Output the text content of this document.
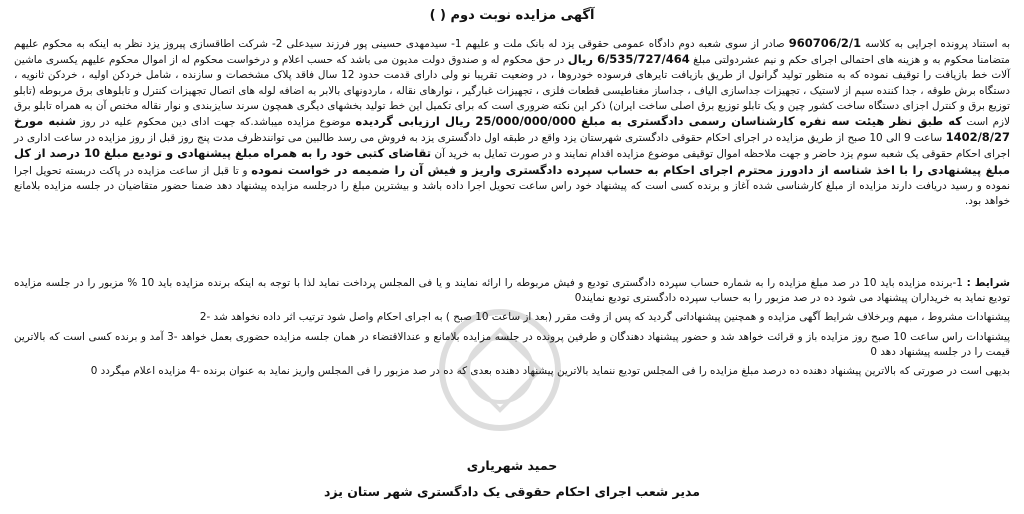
آگهی مزایده نوبت دوم ( )
به استناد پرونده اجرایی به کلاسه 960706/2/1 صادر از سوی شعبه دوم دادگاه عمومی حقوقی یزد له بانک ملت و علیهم 1- سیدمهدی حسینی پور فرزند سیدعلی 2- شرکت اطاقسازی پیروز یزد نظر به اینکه به محکوم علیهم متضامنا محکوم به و هزینه های احتمالی اجرای حکم و نیم عشردولتی مبلغ 6/535/727/464 ریال در حق محکوم له و صندوق دولت مدیون می باشد که حسب اعلام و درخواست محکوم له از اموال محکوم علیهم یکسری ماشین آلات خط بازیافت را توقیف نموده که به منظور تولید گرانول از طریق بازیافت تایرهای فرسوده خودروها ، در وضعیت تقریبا نو ولی دارای قدمت حدود 12 سال فاقد پلاک مشخصات و سازنده ، شامل خردکن اولیه ، خردکن ثانویه ، دستگاه برش طوقه ، جدا کننده سیم از لاستیک ، تجهیزات جداسازی الیاف ، جداساز مغناطیسی قطعات فلزی ، تجهیزات غبارگیر ، نوارهای نقاله ، ماردونهای بالابر به اضافه لوله های اتصال تجهیزات کنترل و تابلوهای برق مربوطه (تابلو توزیع برق و کنترل اجزای دستگاه ساخت کشور چین و یک تابلو توزیع برق اصلی ساخت ایران) ذکر این نکته ضروری است که برای تکمیل این خط تولید بخشهای دیگری همچون سرند سایزبندی و نوار نقاله مختص آن به همراه تابلو برق لازم است که طبق نظر هیئت سه نفره کارشناسان رسمی دادگستری به مبلغ 25/000/000/000 ریال ارزیابی گردیده موضوع مزایده میباشد.که جهت ادای دین محکوم علیه در روز شنبه مورخ 1402/8/27 ساعت 9 الی 10 صبح از طریق مزایده در اجرای احکام حقوقی دادگستری شهرستان یزد واقع در طبقه اول دادگستری یزد به فروش می رسد طالبین می توانندظرف مدت پنج روز قبل از روز مزایده در ساعت اداری در اجرای احکام حقوقی یک شعبه سوم یزد حاضر و جهت ملاحظه اموال توقیفی موضوع مزایده اقدام نمایند و در صورت تمایل به خرید آن تقاضای کتبی خود را به همراه مبلغ پیشنهادی و تودیع مبلغ 10 درصد از کل مبلغ پیشنهادی را با اخذ شناسه از دادورز محترم اجرای احکام به حساب سپرده دادگستری واریز و فیش آن را ضمیمه در خواست نموده و تا قبل از ساعت مزایده در پاکت دربسته تحویل اجرا نموده و رسید دریافت دارند مزایده از مبلغ کارشناسی شده آغاز و برنده کسی است که پیشنهاد خود راس ساعت تحویل اجرا داده باشد و بیشترین مبلغ را درجلسه مزایده پیشنهاد دهد ضمنا حضور متقاضیان در جلسه مزایده بلامانع خواهد بود.

شرایط : 1-برنده مزایده باید 10 در صد مبلغ مزایده را به شماره حساب سپرده دادگستری تودیع و فیش مربوطه را ارائه نمایند و یا فی المجلس پرداخت نماید لذا با توجه به اینکه برنده مزایده باید 10 % مزبور را در جلسه مزایده تودیع نماید به خریداران پیشنهاد می شود ده در صد مزبور را به حساب سپرده دادگستری تودیع نمایند0

پیشنهادات مشروط ، مبهم وبرخلاف شرایط آگهی مزایده و همچنین پیشنهاداتی گردید که پس از وقت مقرر (بعد از ساعت 10 صبح ) به اجرای احکام واصل شود ترتیب اثر داده نخواهد شد -2

پیشنهادات راس ساعت 10 صبح روز مزایده باز و قرائت خواهد شد و حضور پیشنهاد دهندگان و طرفین پرونده در جلسه مزایده بلامانع و عندالاقتضاء در همان جلسه مزایده حضوری بعمل خواهد -3 آمد و برنده کسی است که بالاترین قیمت را در جلسه پیشنهاد دهد 0

بدیهی است در صورتی که بالاترین پیشنهاد دهنده ده درصد مبلغ مزایده را فی المجلس تودیع ننماید بالاترین پیشنهاد دهنده بعدی که ده در صد مزبور را فی المجلس واریز نماید به عنوان برنده -4 مزایده اعلام میگردد 0

حمید شهریاری
مدیر شعب اجرای احکام حقوقی یک دادگستری شهر ستان یزد
